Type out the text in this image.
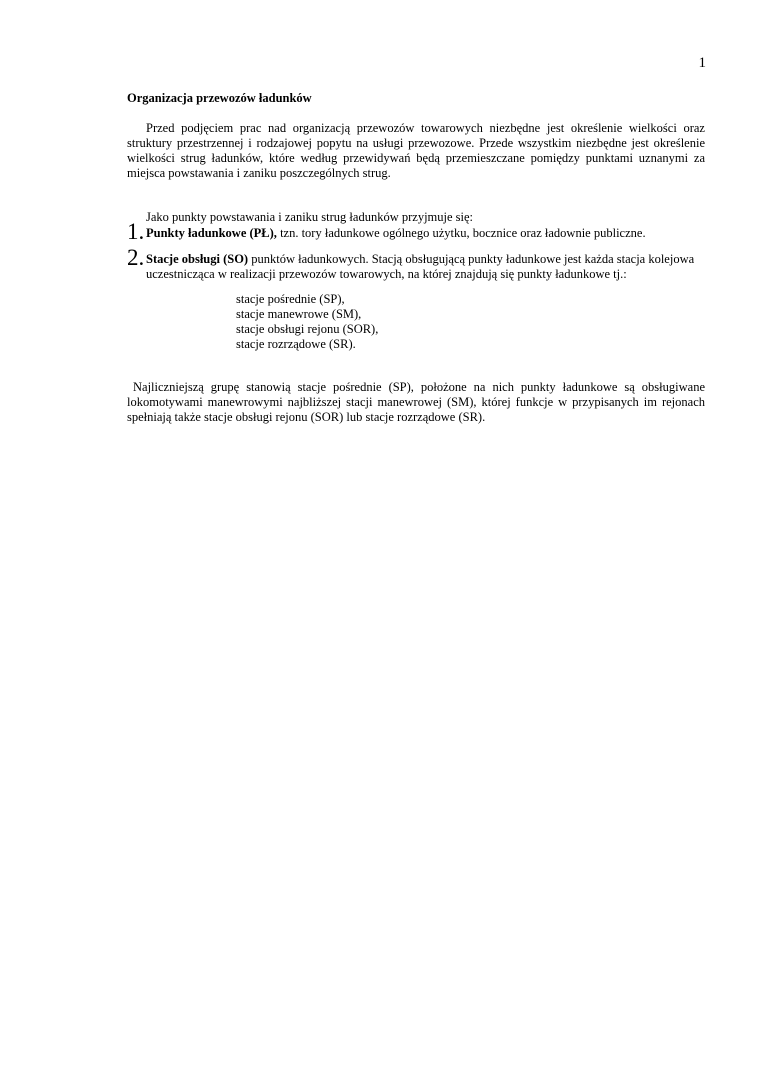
1
Organizacja przewozów ładunków

Przed podjęciem prac nad organizacją przewozów towarowych niezbędne jest określenie wielkości oraz struktury przestrzennej i rodzajowej popytu na usługi przewozowe. Przede wszystkim niezbędne jest określenie wielkości strug ładunków, które według przewidywań będą przemieszczane pomiędzy punktami uznanymi za miejsca powstawania i zaniku poszczególnych strug.

Jako punkty powstawania i zaniku strug ładunków przyjmuje się:

1. Punkty ładunkowe (PŁ), tzn. tory ładunkowe ogólnego użytku, bocznice oraz ładownie publiczne.
2. Stacje obsługi (SO) punktów ładunkowych. Stacją obsługującą punkty ładunkowe jest każda stacja kolejowa uczestnicząca w realizacji przewozów towarowych, na której znajdują się punkty ładunkowe tj.:
stacje pośrednie (SP),
stacje manewrowe (SM),
stacje obsługi rejonu (SOR),
stacje rozrządowe (SR).

Najliczniejszą grupę stanowią stacje pośrednie (SP), położone na nich punkty ładunkowe są obsługiwane lokomotywami manewrowymi najbliższej stacji manewrowej (SM), której funkcje w przypisanych im rejonach spełniają także stacje obsługi rejonu (SOR) lub stacje rozrządowe (SR).
